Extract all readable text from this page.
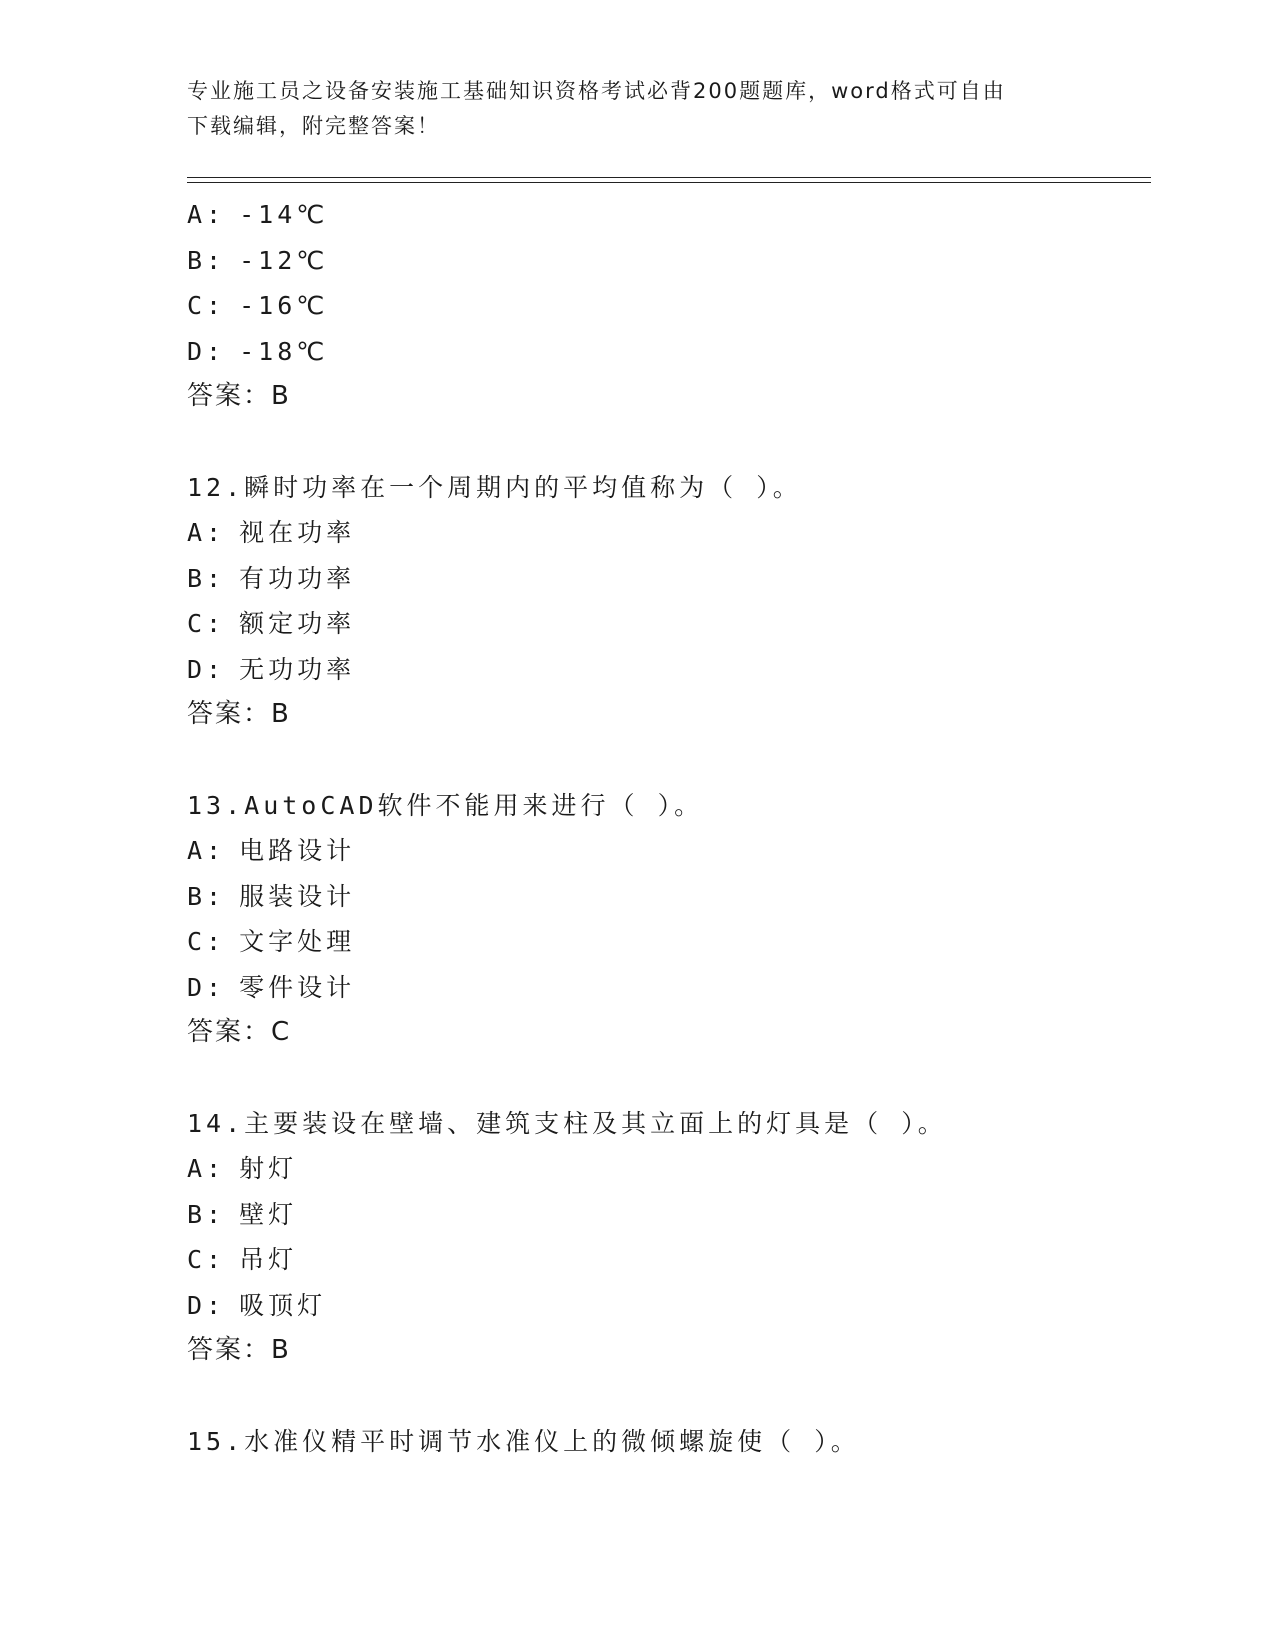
专业施工员之设备安装施工基础知识资格考试必背200题题库，word格式可自由
下载编辑，附完整答案！
A: -14℃
B: -12℃
C: -16℃
D: -18℃
答案：B
12.瞬时功率在一个周期内的平均值称为（ ）。
A: 视在功率
B: 有功功率
C: 额定功率
D: 无功功率
答案：B
13.AutoCAD软件不能用来进行（ ）。
A: 电路设计
B: 服装设计
C: 文字处理
D: 零件设计
答案：C
14.主要装设在壁墙、建筑支柱及其立面上的灯具是（ ）。
A: 射灯
B: 壁灯
C: 吊灯
D: 吸顶灯
答案：B
15.水准仪精平时调节水准仪上的微倾螺旋使（ ）。
